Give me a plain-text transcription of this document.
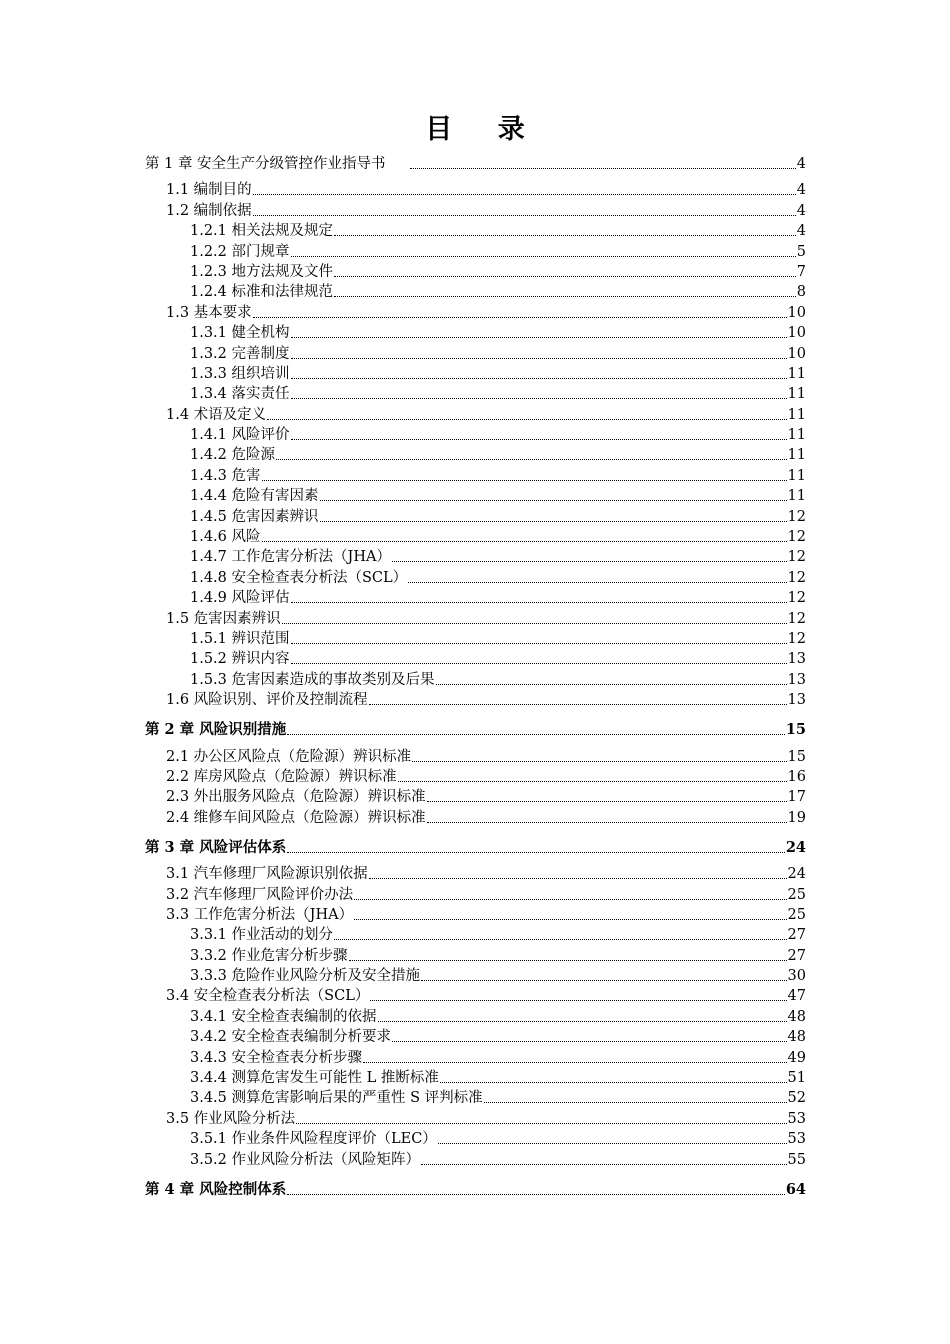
目 录
第 1 章 安全生产分级管控作业指导书	4
1.1 编制目的	4
1.2 编制依据	4
1.2.1 相关法规及规定	4
1.2.2 部门规章	5
1.2.3 地方法规及文件	7
1.2.4 标准和法律规范	8
1.3 基本要求	10
1.3.1 健全机构	10
1.3.2 完善制度	10
1.3.3 组织培训	11
1.3.4 落实责任	11
1.4 术语及定义	11
1.4.1 风险评价	11
1.4.2 危险源	11
1.4.3 危害	11
1.4.4 危险有害因素	11
1.4.5 危害因素辨识	12
1.4.6 风险	12
1.4.7 工作危害分析法（JHA）	12
1.4.8 安全检查表分析法（SCL）	12
1.4.9 风险评估	12
1.5 危害因素辨识	12
1.5.1 辨识范围	12
1.5.2 辨识内容	13
1.5.3 危害因素造成的事故类别及后果	13
1.6 风险识别、评价及控制流程	13
第 2 章 风险识别措施	15
2.1 办公区风险点（危险源）辨识标准	15
2.2 库房风险点（危险源）辨识标准	16
2.3 外出服务风险点（危险源）辨识标准	17
2.4 维修车间风险点（危险源）辨识标准	19
第 3 章 风险评估体系	24
3.1 汽车修理厂风险源识别依据	24
3.2 汽车修理厂风险评价办法	25
3.3 工作危害分析法（JHA）	25
3.3.1 作业活动的划分	27
3.3.2 作业危害分析步骤	27
3.3.3 危险作业风险分析及安全措施	30
3.4 安全检查表分析法（SCL）	47
3.4.1 安全检查表编制的依据	48
3.4.2 安全检查表编制分析要求	48
3.4.3 安全检查表分析步骤	49
3.4.4 测算危害发生可能性 L 推断标准	51
3.4.5 测算危害影响后果的严重性 S 评判标准	52
3.5 作业风险分析法	53
3.5.1 作业条件风险程度评价（LEC）	53
3.5.2 作业风险分析法（风险矩阵）	55
第 4 章 风险控制体系	64
